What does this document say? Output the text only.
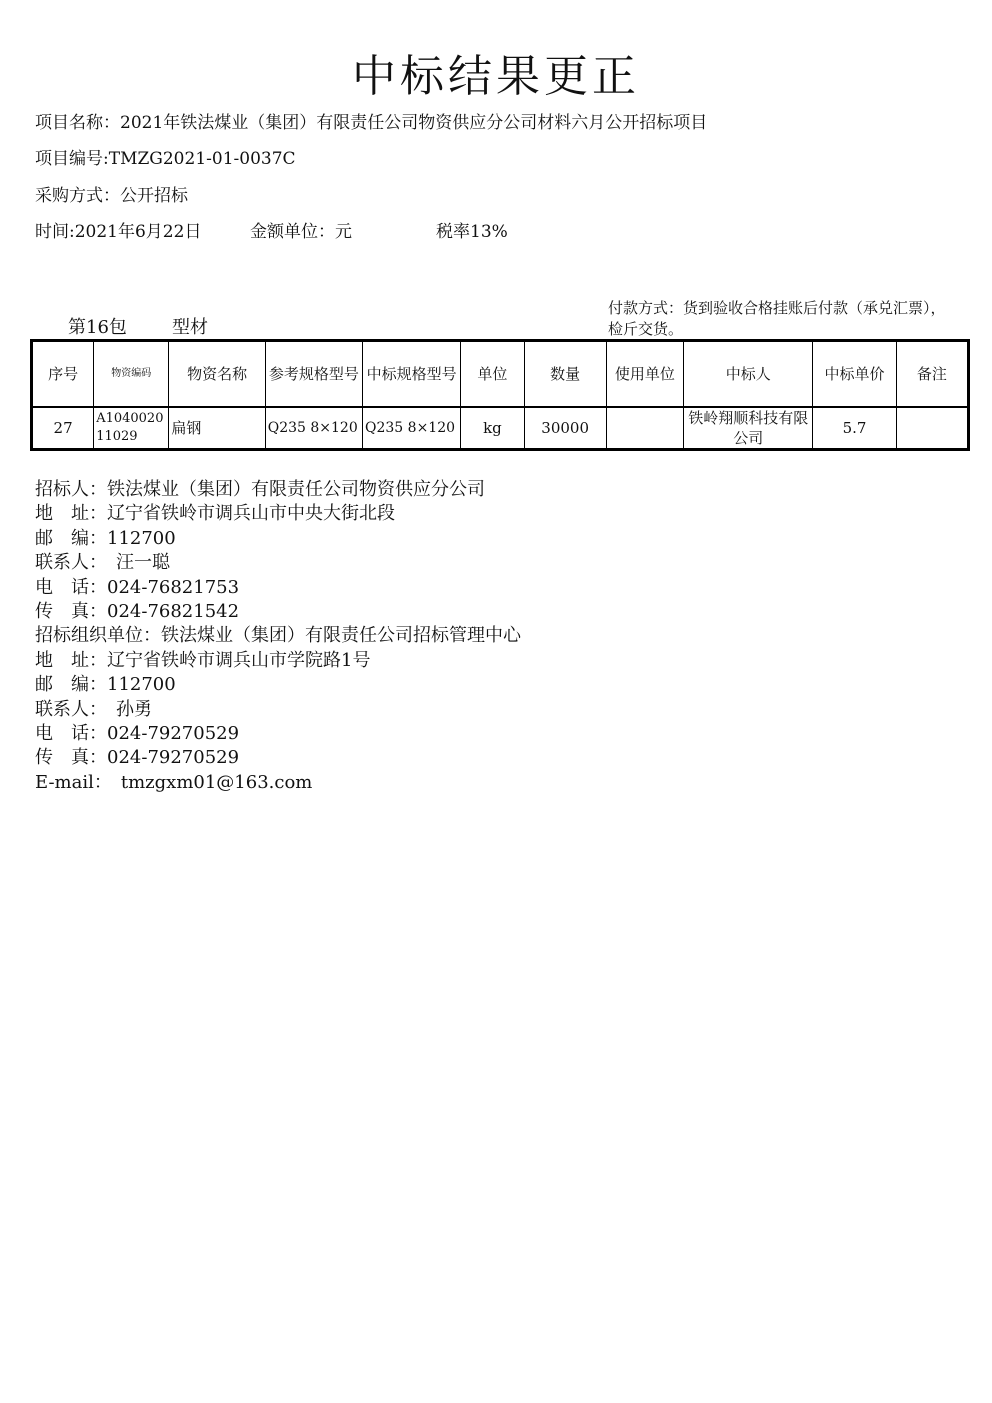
中标结果更正
项目名称：2021年铁法煤业（集团）有限责任公司物资供应分公司材料六月公开招标项目
项目编号:TMZG2021-01-0037C
采购方式：公开招标
时间:2021年6月22日	金额单位：元	税率13%
第16包	型材
付款方式：货到验收合格挂账后付款（承兑汇票），检斤交货。
序号	物资编码	物资名称	参考规格型号	中标规格型号	单位	数量	使用单位	中标人	中标单价	备注
27	A104002011029	扁钢	Q235 8×120	Q235 8×120	kg	30000		铁岭翔顺科技有限公司	5.7	
招标人：铁法煤业（集团）有限责任公司物资供应分公司
地　址：辽宁省铁岭市调兵山市中央大街北段
邮　编：112700
联系人：　汪一聪
电　话：024-76821753
传　真：024-76821542
招标组织单位：铁法煤业（集团）有限责任公司招标管理中心
地　址：辽宁省铁岭市调兵山市学院路1号
邮　编：112700
联系人：　孙勇
电　话：024-79270529
传　真：024-79270529
E-mail：　tmzgxm01@163.com
